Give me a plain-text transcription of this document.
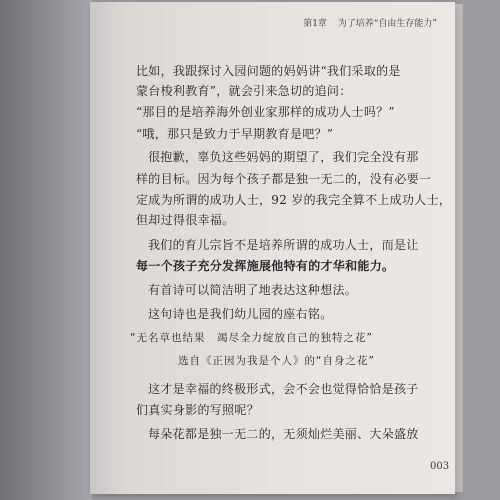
第1章 为了培养“自由生存能力”
比如，我跟探讨入园问题的妈妈讲“我们采取的是
蒙台梭利教育”，就会引来急切的追问：
“那目的是培养海外创业家那样的成功人士吗？”
“哦，那只是致力于早期教育是吧？”
很抱歉，辜负这些妈妈的期望了，我们完全没有那
样的目标。因为每个孩子都是独一无二的，没有必要一
定成为所谓的成功人士，92 岁的我完全算不上成功人士，
但却过得很幸福。
我们的育儿宗旨不是培养所谓的成功人士，而是让
每一个孩子充分发挥施展他特有的才华和能力。
有首诗可以简洁明了地表达这种想法。
这句诗也是我们幼儿园的座右铭。
“无名草也结果　竭尽全力绽放自己的独特之花”
选自《正因为我是个人》的“自身之花”
这才是幸福的终极形式，会不会也觉得恰恰是孩子
们真实身影的写照呢？
每朵花都是独一无二的，无须灿烂美丽、大朵盛放
003
